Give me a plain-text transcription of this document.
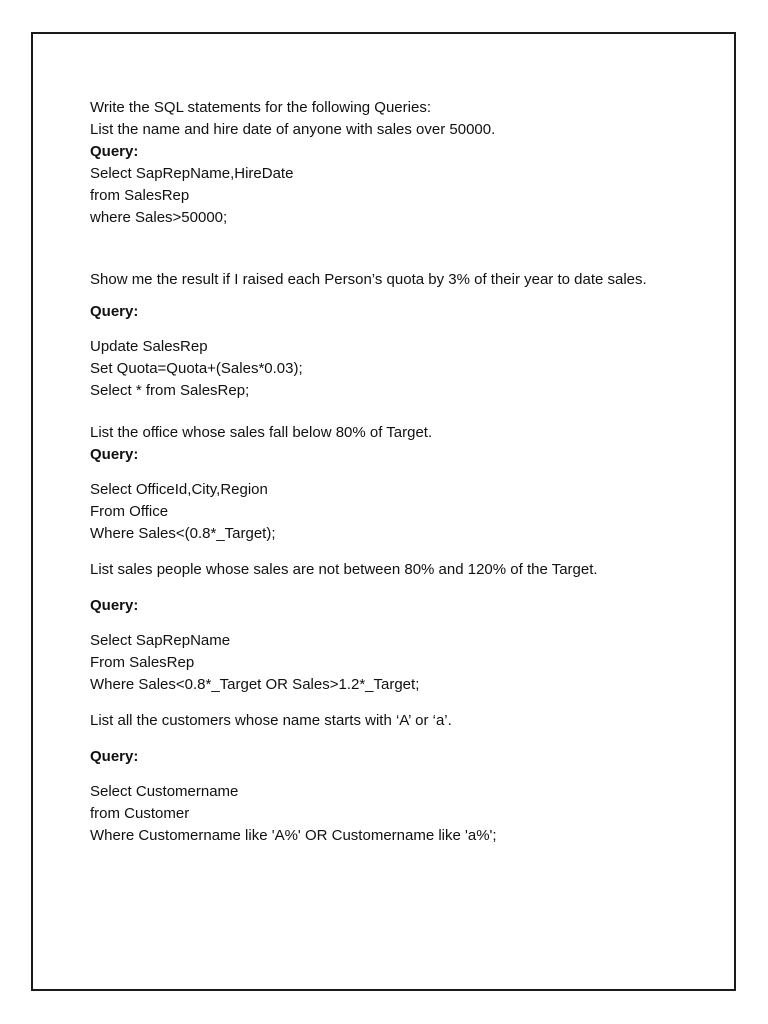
Write the SQL statements for the following Queries:
List the name and hire date of anyone with sales over 50000.
Query:
Select SapRepName,HireDate
from SalesRep
where Sales>50000;
Show me the result if I raised each Person’s quota by 3% of their year to date sales.
Query:
Update SalesRep
Set Quota=Quota+(Sales*0.03);
Select * from SalesRep;
List the office whose sales fall below 80% of Target.
Query:
Select OfficeId,City,Region
From Office
Where Sales<(0.8*_Target);
List sales people whose sales are not between 80% and 120% of the Target.
Query:
Select SapRepName
From SalesRep
Where Sales<0.8*_Target OR Sales>1.2*_Target;
List all the customers whose name starts with ‘A’ or ‘a’.
Query:
Select Customername
from Customer
Where Customername like 'A%' OR Customername like 'a%';
